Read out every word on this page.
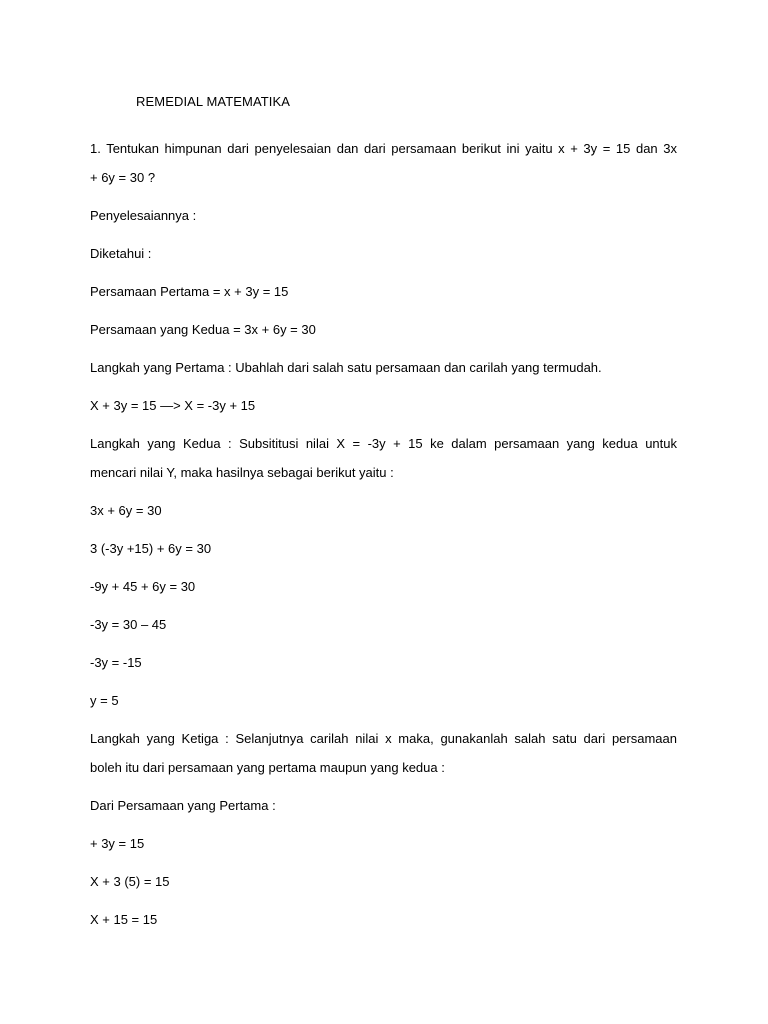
REMEDIAL MATEMATIKA
1. Tentukan himpunan dari penyelesaian dan dari persamaan berikut ini yaitu x + 3y = 15 dan 3x
+ 6y = 30 ?
Penyelesaiannya :
Diketahui :
Persamaan Pertama = x + 3y = 15
Persamaan yang Kedua = 3x + 6y = 30
Langkah yang Pertama : Ubahlah dari salah satu persamaan dan carilah yang termudah.
X + 3y = 15 —> X = -3y + 15
Langkah yang Kedua : Subsititusi nilai X = -3y + 15 ke dalam persamaan yang kedua untuk
mencari nilai Y, maka hasilnya sebagai berikut yaitu :
3x + 6y = 30
3 (-3y +15) + 6y = 30
-9y + 45 + 6y = 30
-3y = 30 – 45
-3y = -15
y = 5
Langkah yang Ketiga : Selanjutnya carilah nilai x maka, gunakanlah salah satu dari persamaan
boleh itu dari persamaan yang pertama maupun yang kedua :
Dari Persamaan yang Pertama :
+ 3y = 15
X + 3 (5) = 15
X + 15 = 15
